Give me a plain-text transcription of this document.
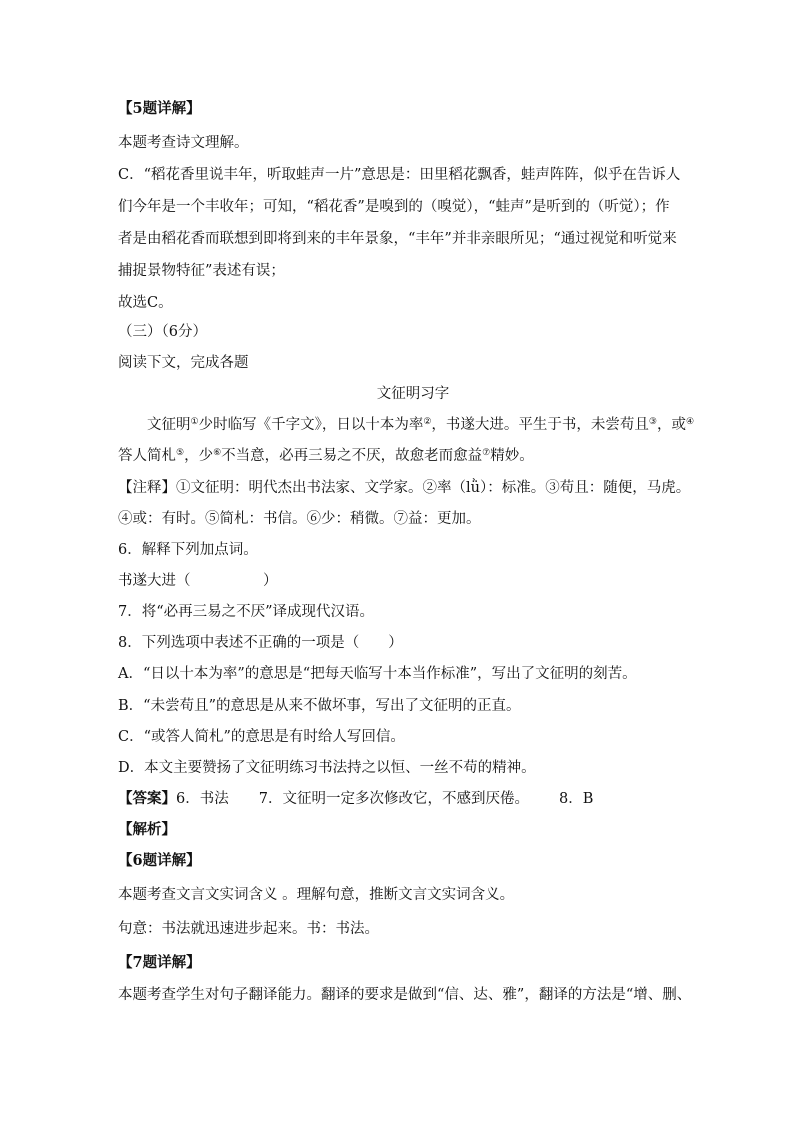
【5题详解】

本题考查诗文理解。

C．“稻花香里说丰年，听取蛙声一片”意思是：田里稻花飘香，蛙声阵阵，似乎在告诉人

们今年是一个丰收年；可知，“稻花香”是嗅到的（嗅觉），“蛙声”是听到的（听觉）；作

者是由稻花香而联想到即将到来的丰年景象，“丰年”并非亲眼所见；“通过视觉和听觉来

捕捉景物特征”表述有误；

故选C。

（三）（6分）

阅读下文，完成各题

文征明习字

文征明①少时临写《千字文》，日以十本为率②，书遂大进。平生于书，未尝苟且③，或④

答人简札⑤，少⑥不当意，必再三易之不厌，故愈老而愈益⑦精妙。

【注释】①文征明：明代杰出书法家、文学家。②率（lǜ）：标准。③苟且：随便，马虎。

④或：有时。⑤简札：书信。⑥少：稍微。⑦益：更加。

6．解释下列加点词。

书遂大进（　　　　　）

7．将“必再三易之不厌”译成现代汉语。

8．下列选项中表述不正确的一项是（　　）

A．“日以十本为率”的意思是“把每天临写十本当作标准”，写出了文征明的刻苦。

B．“未尝苟且”的意思是从来不做坏事，写出了文征明的正直。

C．“或答人简札”的意思是有时给人写回信。

D．本文主要赞扬了文征明练习书法持之以恒、一丝不苟的精神。

【答案】6．书法 7．文征明一定多次修改它，不感到厌倦。 8．B

【解析】

【6题详解】

本题考查文言文实词含义 。理解句意，推断文言文实词含义。

句意：书法就迅速进步起来。书：书法。

【7题详解】

本题考查学生对句子翻译能力。翻译的要求是做到“信、达、雅”，翻译的方法是“增、删、
